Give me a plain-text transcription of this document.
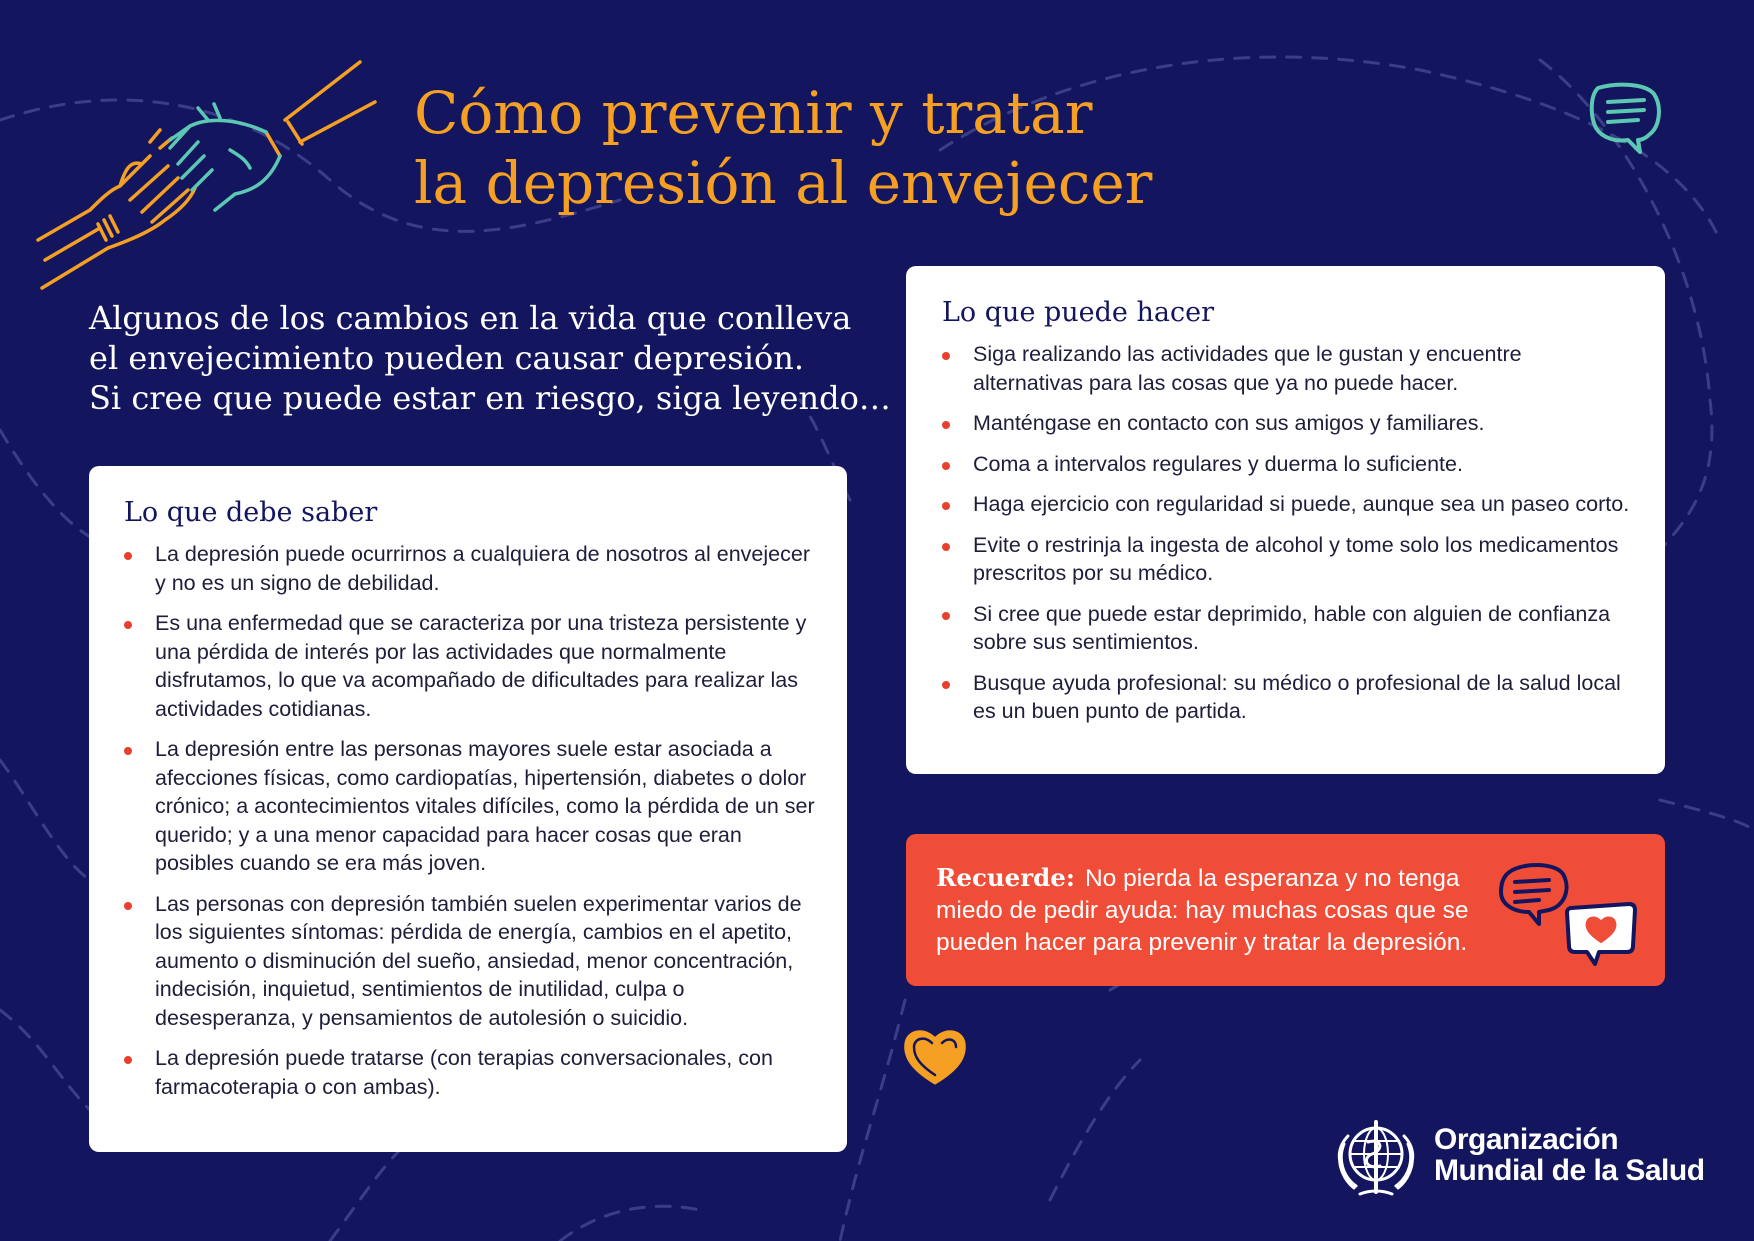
Cómo prevenir y tratar
la depresión al envejecer

Algunos de los cambios en la vida que conlleva
el envejecimiento pueden causar depresión.
Si cree que puede estar en riesgo, siga leyendo…

Lo que debe saber
La depresión puede ocurrirnos a cualquiera de nosotros al envejecer y no es un signo de debilidad.
Es una enfermedad que se caracteriza por una tristeza persistente y una pérdida de interés por las actividades que normalmente disfrutamos, lo que va acompañado de dificultades para realizar las actividades cotidianas.
La depresión entre las personas mayores suele estar asociada a afecciones físicas, como cardiopatías, hipertensión, diabetes o dolor crónico; a acontecimientos vitales difíciles, como la pérdida de un ser querido; y a una menor capacidad para hacer cosas que eran posibles cuando se era más joven.
Las personas con depresión también suelen experimentar varios de los siguientes síntomas: pérdida de energía, cambios en el apetito, aumento o disminución del sueño, ansiedad, menor concentración, indecisión, inquietud, sentimientos de inutilidad, culpa o desesperanza, y pensamientos de autolesión o suicidio.
La depresión puede tratarse (con terapias conversacionales, con farmacoterapia o con ambas).
Lo que puede hacer
Siga realizando las actividades que le gustan y encuentre alternativas para las cosas que ya no puede hacer.
Manténgase en contacto con sus amigos y familiares.
Coma a intervalos regulares y duerma lo suficiente.
Haga ejercicio con regularidad si puede, aunque sea un paseo corto.
Evite o restrinja la ingesta de alcohol y tome solo los medicamentos prescritos por su médico.
Si cree que puede estar deprimido, hable con alguien de confianza sobre sus sentimientos.
Busque ayuda profesional: su médico o profesional de la salud local es un buen punto de partida.
Recuerde: No pierda la esperanza y no tenga miedo de pedir ayuda: hay muchas cosas que se pueden hacer para prevenir y tratar la depresión.
Organización
Mundial de la Salud
